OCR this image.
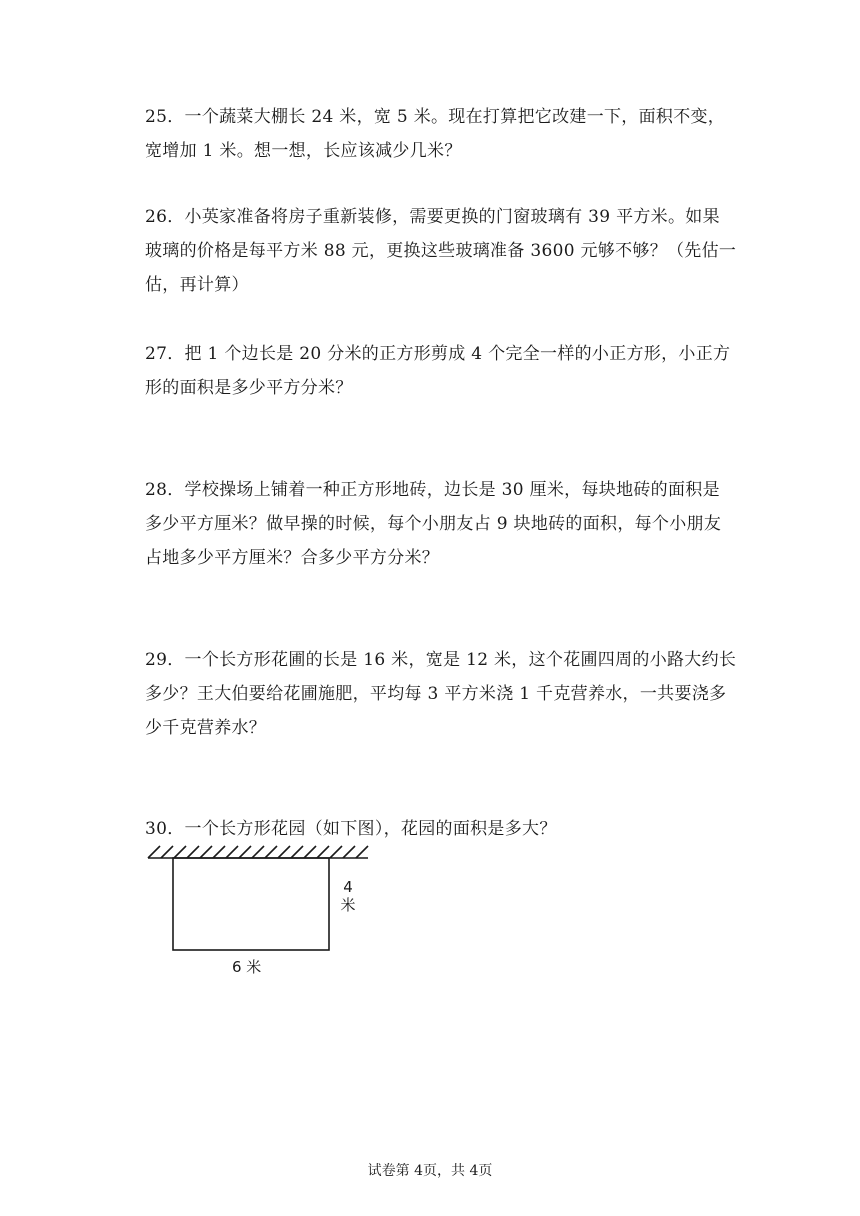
25．一个蔬菜大棚长 24 米，宽 5 米。现在打算把它改建一下，面积不变，
宽增加 1 米。想一想，长应该减少几米？
26．小英家准备将房子重新装修，需要更换的门窗玻璃有 39 平方米。如果
玻璃的价格是每平方米 88 元，更换这些玻璃准备 3600 元够不够？（先估一
估，再计算）
27．把 1 个边长是 20 分米的正方形剪成 4 个完全一样的小正方形，小正方
形的面积是多少平方分米？
28．学校操场上铺着一种正方形地砖，边长是 30 厘米，每块地砖的面积是
多少平方厘米？做早操的时候，每个小朋友占 9 块地砖的面积，每个小朋友
占地多少平方厘米？合多少平方分米？
29．一个长方形花圃的长是 16 米，宽是 12 米，这个花圃四周的小路大约长
多少？王大伯要给花圃施肥，平均每 3 平方米浇 1 千克营养水，一共要浇多
少千克营养水？
30．一个长方形花园（如下图），花园的面积是多大？
4
米
6 米
试卷第 4页，共 4页
